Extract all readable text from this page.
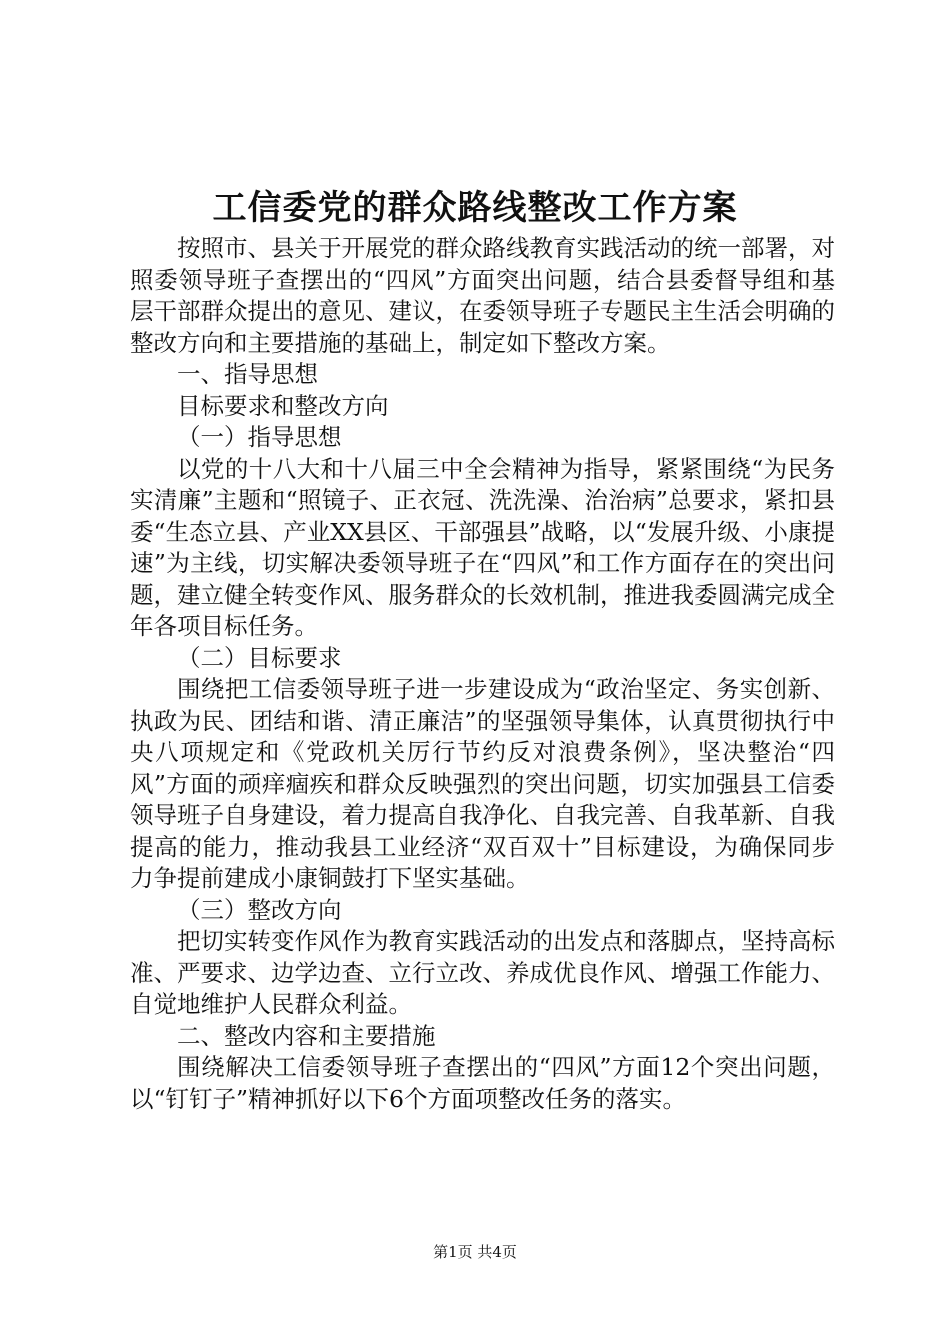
工信委党的群众路线整改工作方案

按照市、县关于开展党的群众路线教育实践活动的统一部署，对照委领导班子查摆出的“四风”方面突出问题，结合县委督导组和基层干部群众提出的意见、建议，在委领导班子专题民主生活会明确的整改方向和主要措施的基础上，制定如下整改方案。

一、指导思想

目标要求和整改方向

（一）指导思想

以党的十八大和十八届三中全会精神为指导，紧紧围绕“为民务实清廉”主题和“照镜子、正衣冠、洗洗澡、治治病”总要求，紧扣县委“生态立县、产业XX县区、干部强县”战略，以“发展升级、小康提速”为主线，切实解决委领导班子在“四风”和工作方面存在的突出问题，建立健全转变作风、服务群众的长效机制，推进我委圆满完成全年各项目标任务。

（二）目标要求

围绕把工信委领导班子进一步建设成为“政治坚定、务实创新、执政为民、团结和谐、清正廉洁”的坚强领导集体，认真贯彻执行中央八项规定和《党政机关厉行节约反对浪费条例》，坚决整治“四风”方面的顽痒痼疾和群众反映强烈的突出问题，切实加强县工信委领导班子自身建设，着力提高自我净化、自我完善、自我革新、自我提高的能力，推动我县工业经济“双百双十”目标建设，为确保同步力争提前建成小康铜鼓打下坚实基础。

（三）整改方向

把切实转变作风作为教育实践活动的出发点和落脚点，坚持高标准、严要求、边学边查、立行立改、养成优良作风、增强工作能力、自觉地维护人民群众利益。

二、整改内容和主要措施

围绕解决工信委领导班子查摆出的“四风”方面12个突出问题，以“钉钉子”精神抓好以下6个方面项整改任务的落实。

第1页 共4页
